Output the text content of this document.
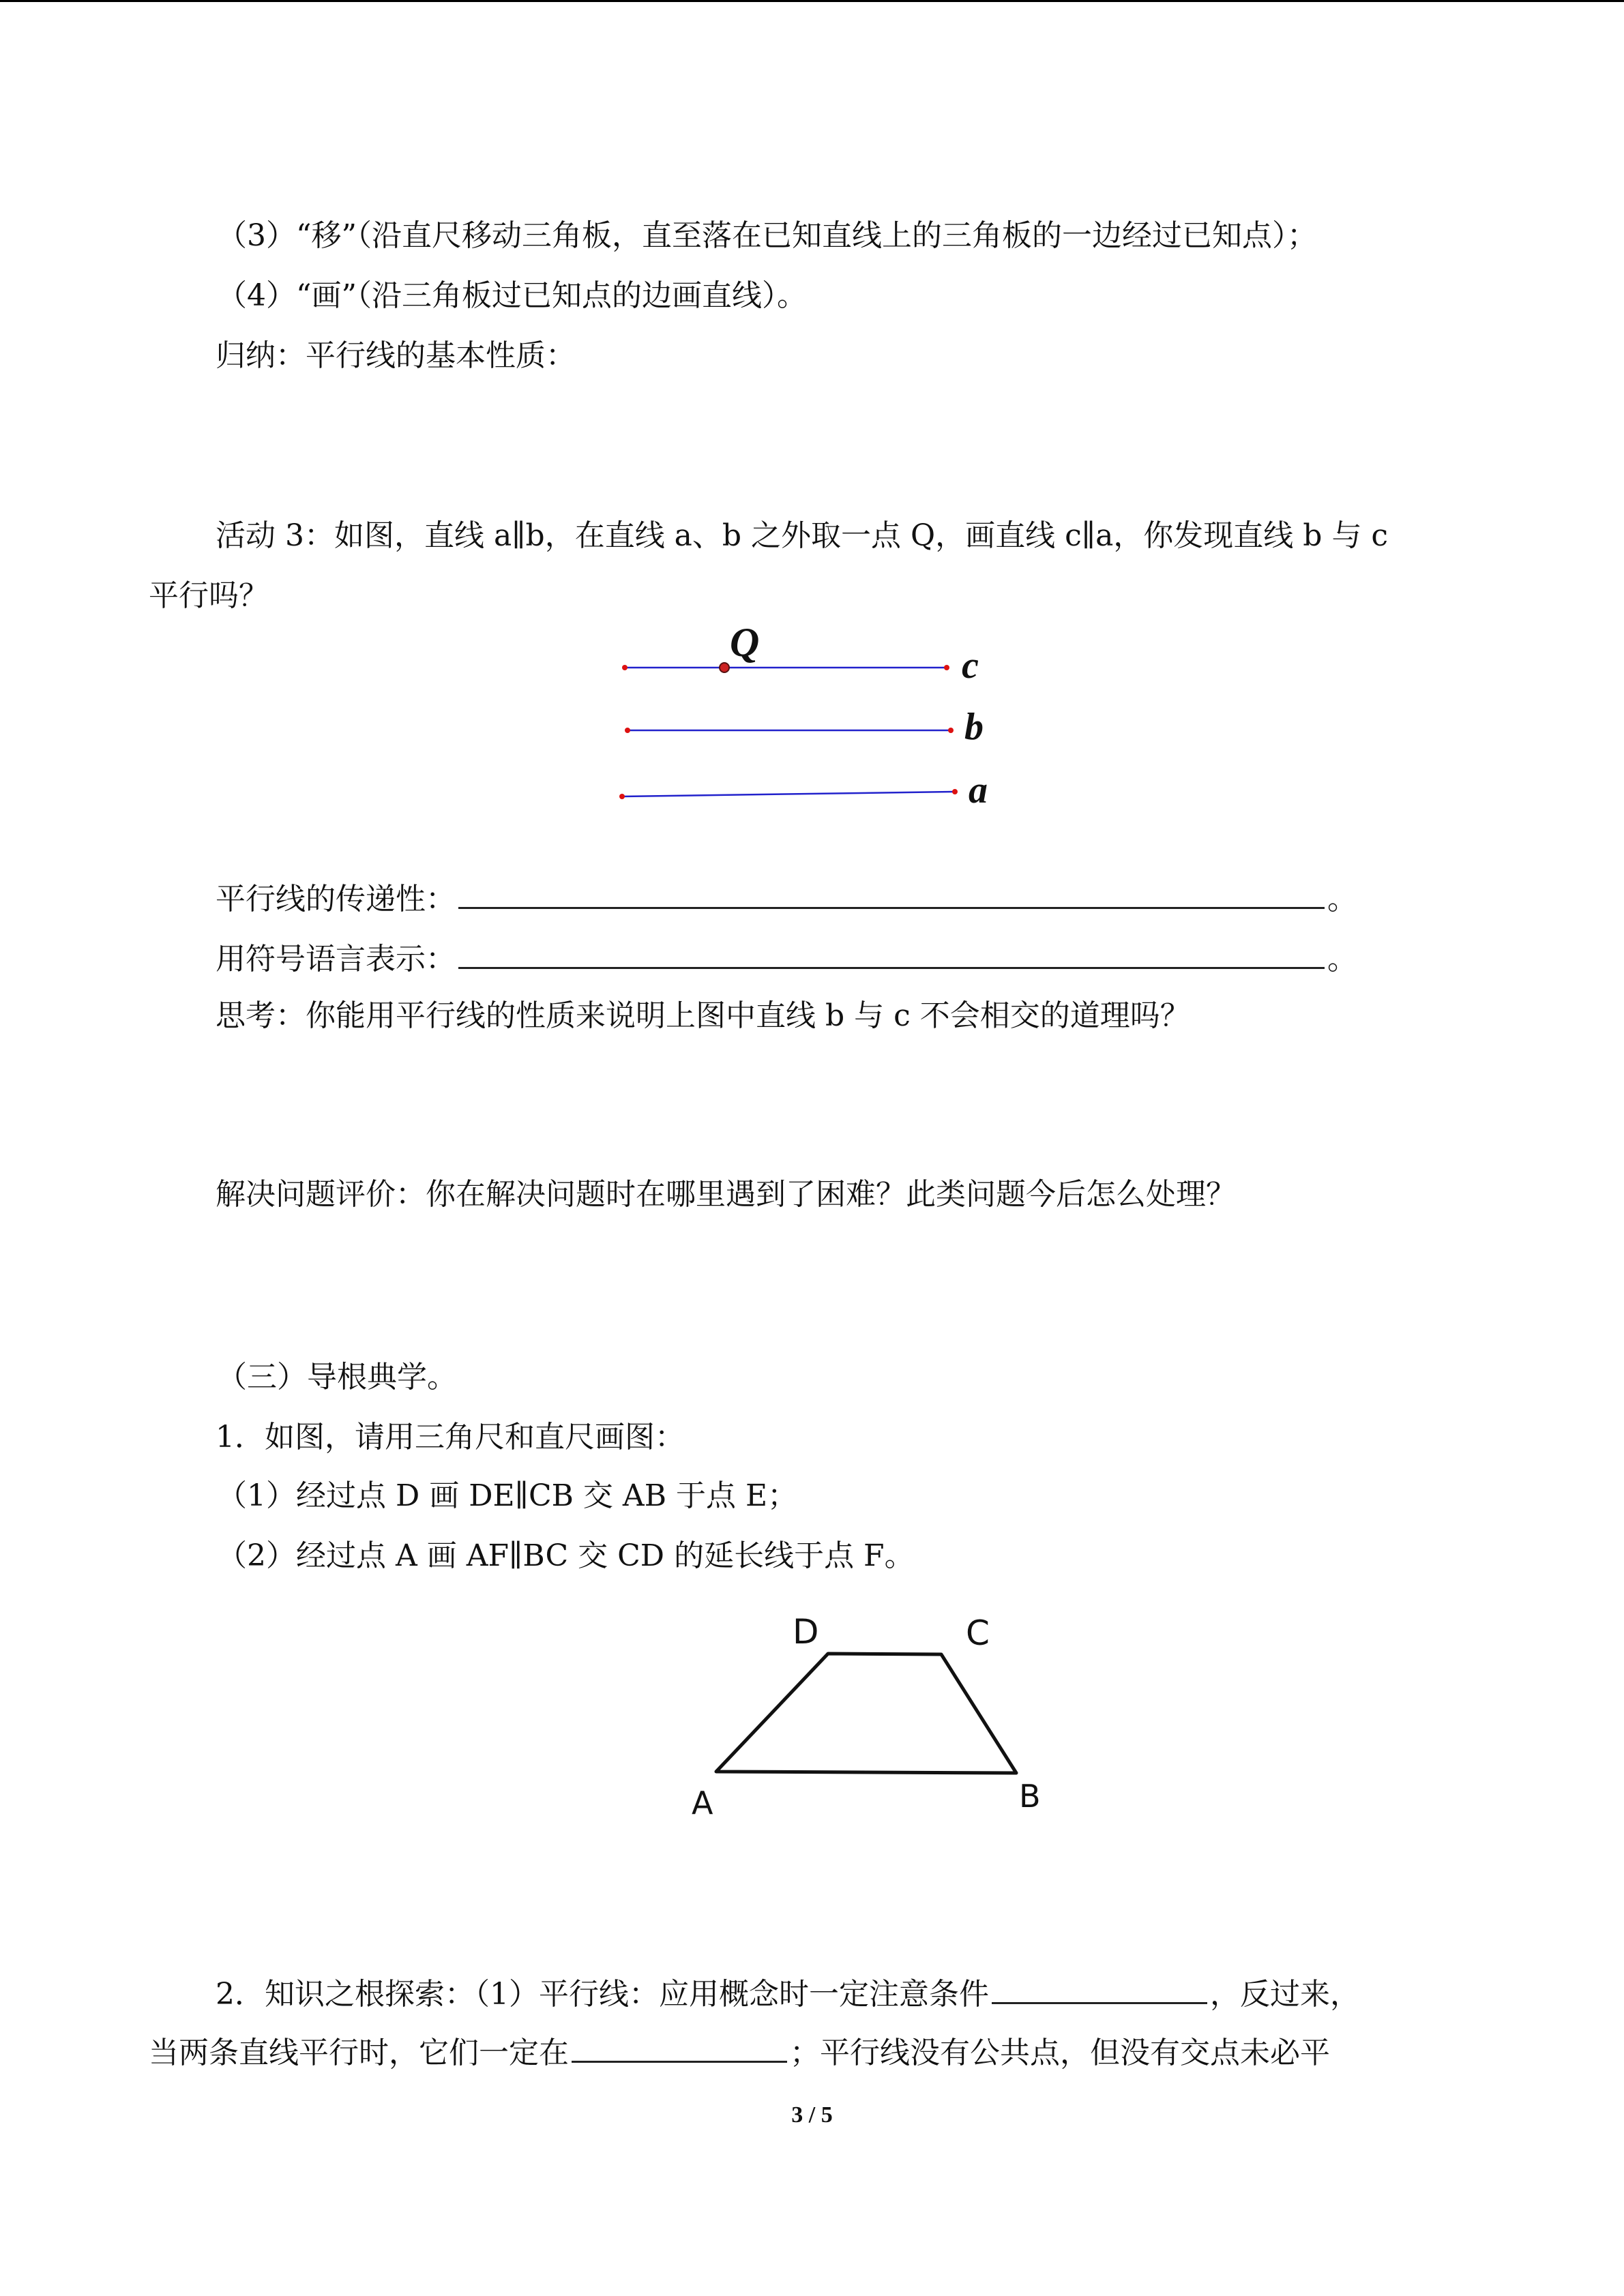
（3）“移”（沿直尺移动三角板，直至落在已知直线上的三角板的一边经过已知点）；
（4）“画”（沿三角板过已知点的边画直线）。
归纳：平行线的基本性质：
活动 3：如图，直线 a∥b，在直线 a、b 之外取一点 Q，画直线 c∥a，你发现直线 b 与 c
平行吗？
Q
c
b
a
平行线的传递性：	。
用符号语言表示：	。
思考：你能用平行线的性质来说明上图中直线 b 与 c 不会相交的道理吗？
解决问题评价：你在解决问题时在哪里遇到了困难？此类问题今后怎么处理？
（三）导根典学。
1．如图，请用三角尺和直尺画图：
（1）经过点 D 画 DE∥CB 交 AB 于点 E；
（2）经过点 A 画 AF∥BC 交 CD 的延长线于点 F。
D	C
A	B
2．知识之根探索：（1）平行线：应用概念时一定注意条件	，反过来，
当两条直线平行时，它们一定在	；平行线没有公共点，但没有交点未必平
3 / 5
